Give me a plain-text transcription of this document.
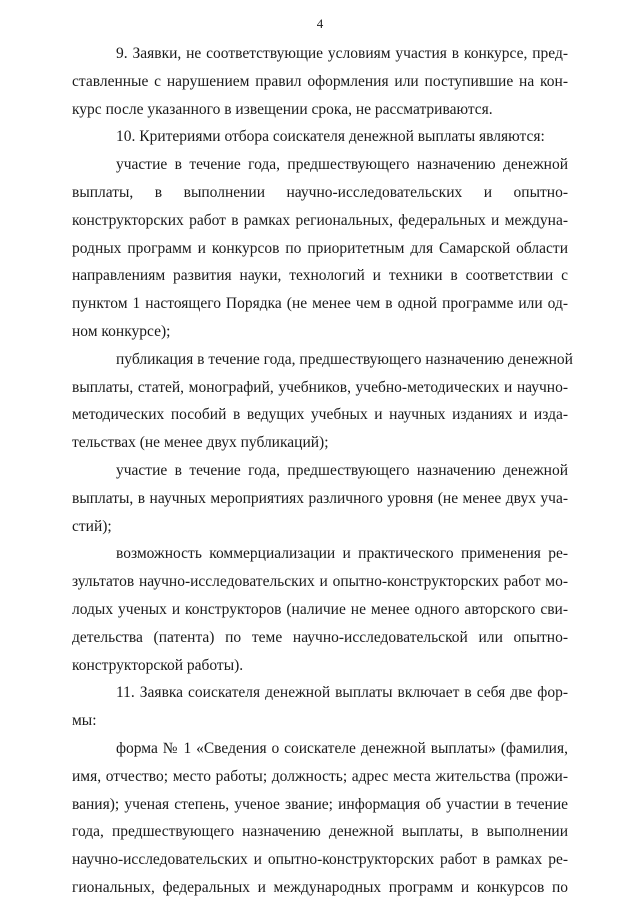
4
9. Заявки, не соответствующие условиям участия в конкурсе, пред-
ставленные с нарушением правил оформления или поступившие на кон-
курс после указанного в извещении срока, не рассматриваются.
10. Критериями отбора соискателя денежной выплаты являются:
участие в течение года, предшествующего назначению денежной
выплаты, в выполнении научно-исследовательских и опытно-
конструкторских работ в рамках региональных, федеральных и междуна-
родных программ и конкурсов по приоритетным для Самарской области
направлениям развития науки, технологий и техники в соответствии с
пунктом 1 настоящего Порядка (не менее чем в одной программе или од-
ном конкурсе);
публикация в течение года, предшествующего назначению денежной
выплаты, статей, монографий, учебников, учебно-методических и научно-
методических пособий в ведущих учебных и научных изданиях и изда-
тельствах (не менее двух публикаций);
участие в течение года, предшествующего назначению денежной
выплаты, в научных мероприятиях различного уровня (не менее двух уча-
стий);
возможность коммерциализации и практического применения ре-
зультатов научно-исследовательских и опытно-конструкторских работ мо-
лодых ученых и конструкторов (наличие не менее одного авторского сви-
детельства (патента) по теме научно-исследовательской или опытно-
конструкторской работы).
11. Заявка соискателя денежной выплаты включает в себя две фор-
мы:
форма № 1 «Сведения о соискателе денежной выплаты» (фамилия,
имя, отчество; место работы; должность; адрес места жительства (прожи-
вания); ученая степень, ученое звание; информация об участии в течение
года, предшествующего назначению денежной выплаты, в выполнении
научно-исследовательских и опытно-конструкторских работ в рамках ре-
гиональных, федеральных и международных программ и конкурсов по
